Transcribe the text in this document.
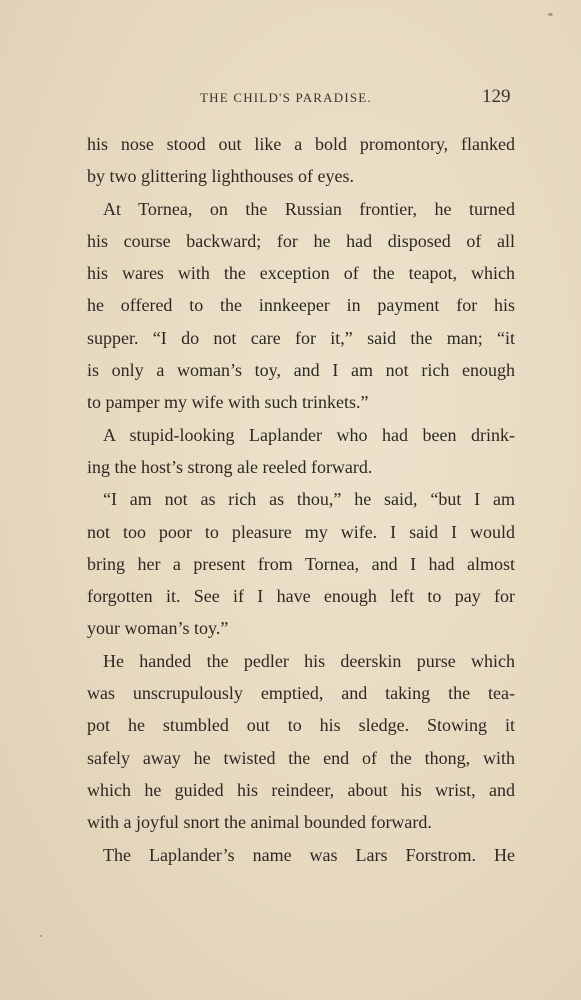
THE CHILD'S PARADISE.	129
his nose stood out like a bold promontory, flanked
by two glittering lighthouses of eyes.
At Tornea, on the Russian frontier, he turned
his course backward; for he had disposed of all
his wares with the exception of the teapot, which
he offered to the innkeeper in payment for his
supper. “I do not care for it,” said the man; “it
is only a woman’s toy, and I am not rich enough
to pamper my wife with such trinkets.”
A stupid-looking Laplander who had been drink-
ing the host’s strong ale reeled forward.
“I am not as rich as thou,” he said, “but I am
not too poor to pleasure my wife. I said I would
bring her a present from Tornea, and I had almost
forgotten it. See if I have enough left to pay for
your woman’s toy.”
He handed the pedler his deerskin purse which
was unscrupulously emptied, and taking the tea-
pot he stumbled out to his sledge. Stowing it
safely away he twisted the end of the thong, with
which he guided his reindeer, about his wrist, and
with a joyful snort the animal bounded forward.
The Laplander’s name was Lars Forstrom. He
